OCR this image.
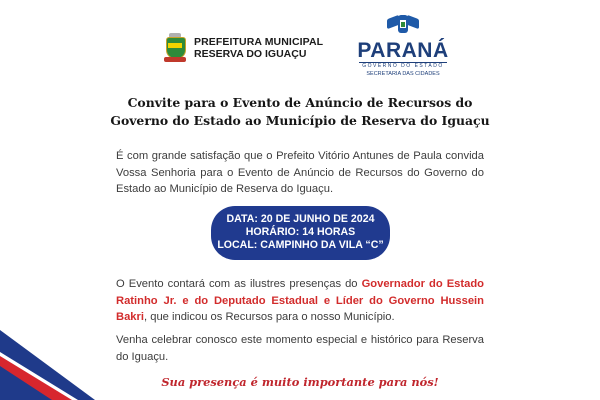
PREFEITURA MUNICIPAL
RESERVA DO IGUAÇU	PARANÁ
GOVERNO DO ESTADO
SECRETARIA DAS CIDADES
Convite para o Evento de Anúncio de Recursos do
Governo do Estado ao Município de Reserva do Iguaçu
É com grande satisfação que o Prefeito Vitório Antunes de Paula convida Vossa Senhoria para o Evento de Anúncio de Recursos do Governo do Estado ao Município de Reserva do Iguaçu.
DATA: 20 DE JUNHO DE 2024
HORÁRIO: 14 HORAS
LOCAL: CAMPINHO DA VILA “C”
O Evento contará com as ilustres presenças do Governador do Estado Ratinho Jr. e do Deputado Estadual e Líder do Governo Hussein Bakri, que indicou os Recursos para o nosso Município.
Venha celebrar conosco este momento especial e histórico para Reserva do Iguaçu.
Sua presença é muito importante para nós!
